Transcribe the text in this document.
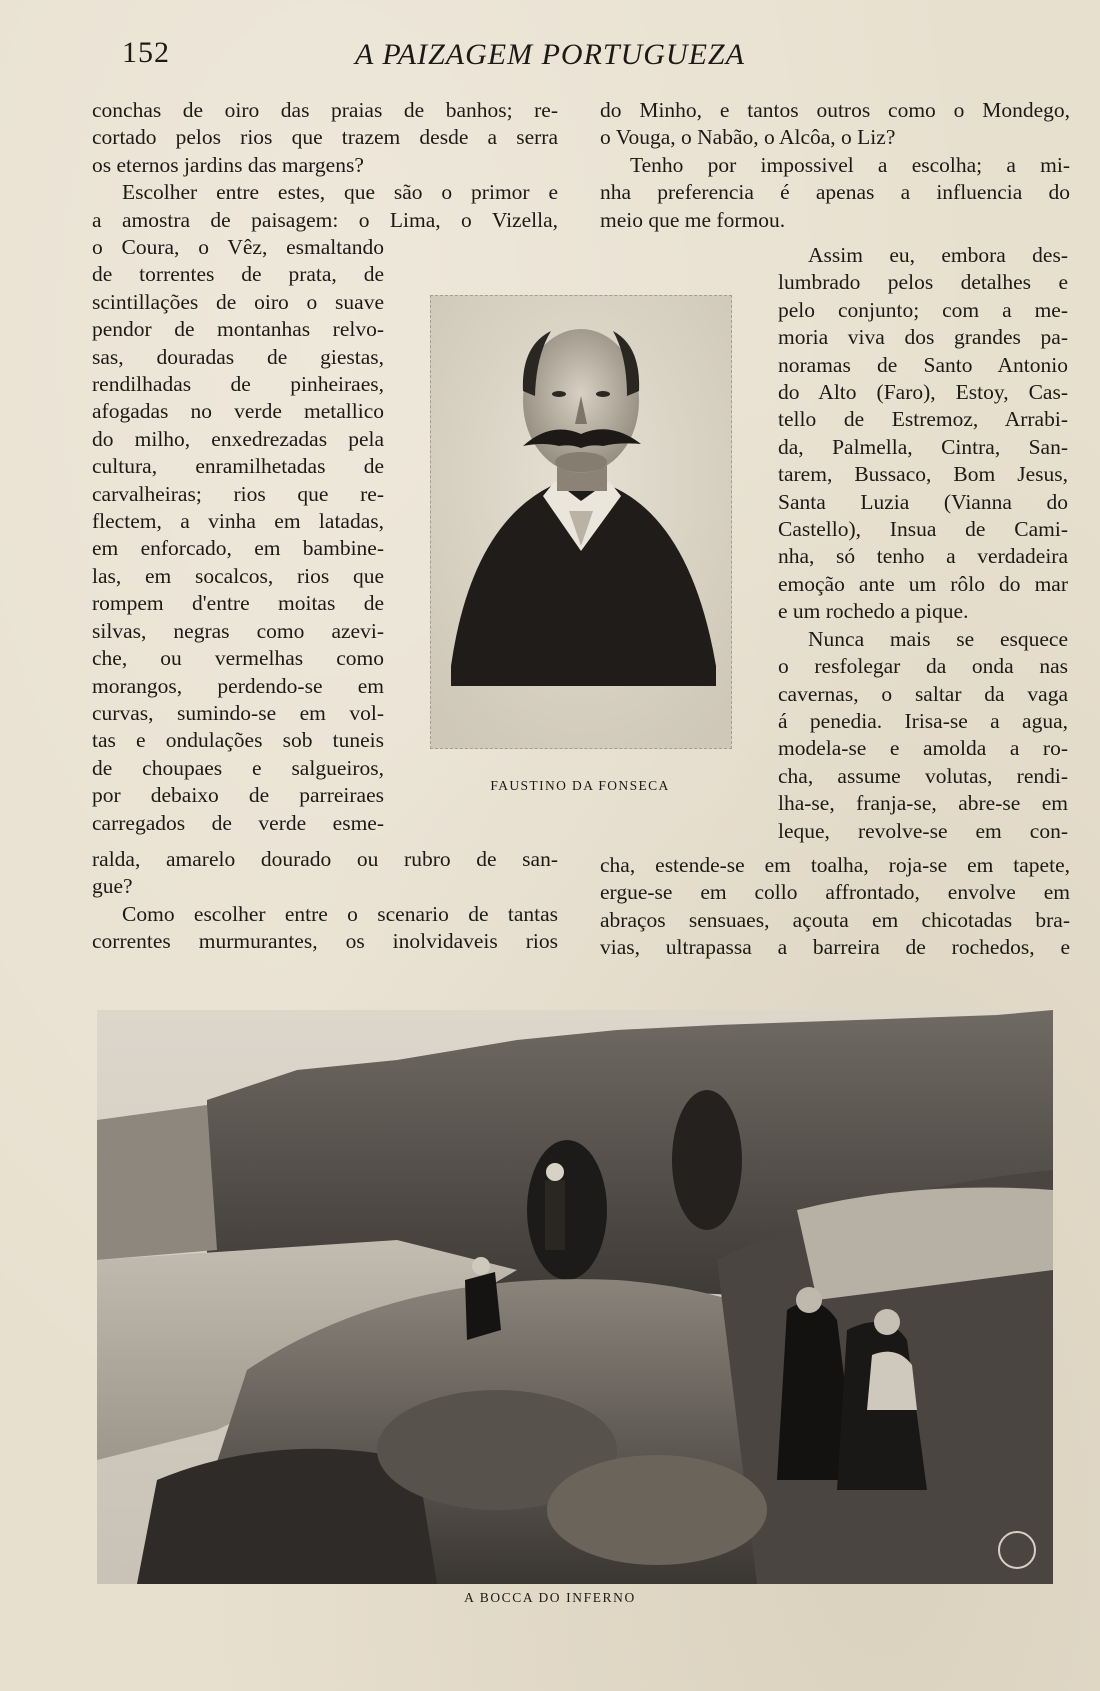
152	A PAIZAGEM PORTUGUEZA
conchas de oiro das praias de banhos; re-
cortado pelos rios que trazem desde a serra
os eternos jardins das margens?
Escolher entre estes, que são o primor e
a amostra de paisagem: o Lima, o Vizella,
o Coura, o Vêz, esmaltando
de torrentes de prata, de
scintillações de oiro o suave
pendor de montanhas relvo-
sas, douradas de giestas,
rendilhadas de pinheiraes,
afogadas no verde metallico
do milho, enxedrezadas pela
cultura, enramilhetadas de
carvalheiras; rios que re-
flectem, a vinha em latadas,
em enforcado, em bambine-
las, em socalcos, rios que
rompem d'entre moitas de
silvas, negras como azevi-
che, ou vermelhas como
morangos, perdendo-se em
curvas, sumindo-se em vol-
tas e ondulações sob tuneis
de choupaes e salgueiros,
por debaixo de parreiraes
carregados de verde esme-
ralda, amarelo dourado ou rubro de san-
gue?
Como escolher entre o scenario de tantas
correntes murmurantes, os inolvidaveis rios
do Minho, e tantos outros como o Mondego,
o Vouga, o Nabão, o Alcôa, o Liz?
Tenho por impossivel a escolha; a mi-
nha preferencia é apenas a influencia do
meio que me formou.
Assim eu, embora des-
lumbrado pelos detalhes e
pelo conjunto; com a me-
moria viva dos grandes pa-
noramas de Santo Antonio
do Alto (Faro), Estoy, Cas-
tello de Estremoz, Arrabi-
da, Palmella, Cintra, San-
tarem, Bussaco, Bom Jesus,
Santa Luzia (Vianna do
Castello), Insua de Cami-
nha, só tenho a verdadeira
emoção ante um rôlo do mar
e um rochedo a pique.
Nunca mais se esquece
o resfolegar da onda nas
cavernas, o saltar da vaga
á penedia. Irisa-se a agua,
modela-se e amolda a ro-
cha, assume volutas, rendi-
lha-se, franja-se, abre-se em
leque, revolve-se em con-
cha, estende-se em toalha, roja-se em tapete,
ergue-se em collo affrontado, envolve em
abraços sensuaes, açouta em chicotadas bra-
vias, ultrapassa a barreira de rochedos, e
FAUSTINO DA FONSECA
A BOCCA DO INFERNO
